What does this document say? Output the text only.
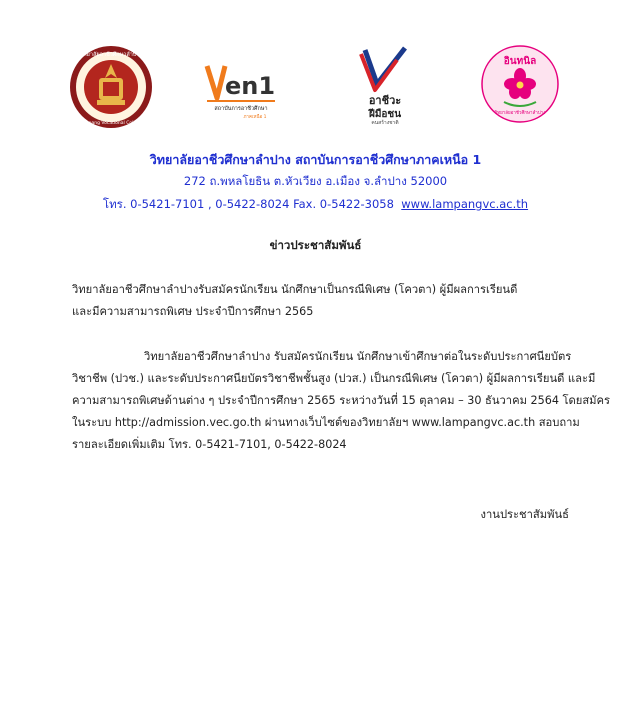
วิทยาลัยอาชีวศึกษาลำปาง
Lampang Vocational College
en1
สถาบันการอาชีวศึกษา
ภาคเหนือ 1
อาชีวะ
ฝีมือชน
คนสร้างชาติ
อินทนิล
วิทยาลัยอาชีวศึกษาลำปาง
วิทยาลัยอาชีวศึกษาลำปาง สถาบันการอาชีวศึกษาภาคเหนือ 1
272 ถ.พหลโยธิน ต.หัวเวียง อ.เมือง จ.ลำปาง 52000
โทร. 0-5421-7101 , 0-5422-8024 Fax. 0-5422-3058 www.lampangvc.ac.th
ข่าวประชาสัมพันธ์
วิทยาลัยอาชีวศึกษาลำปางรับสมัครนักเรียน นักศึกษาเป็นกรณีพิเศษ (โควตา) ผู้มีผลการเรียนดี
และมีความสามารถพิเศษ ประจำปีการศึกษา 2565
วิทยาลัยอาชีวศึกษาลำปาง รับสมัครนักเรียน นักศึกษาเข้าศึกษาต่อในระดับประกาศนียบัตร
วิชาชีพ (ปวช.) และระดับประกาศนียบัตรวิชาชีพชั้นสูง (ปวส.) เป็นกรณีพิเศษ (โควตา) ผู้มีผลการเรียนดี และมี
ความสามารถพิเศษด้านต่าง ๆ ประจำปีการศึกษา 2565 ระหว่างวันที่ 15 ตุลาคม – 30 ธันวาคม 2564 โดยสมัคร
ในระบบ http://admission.vec.go.th ผ่านทางเว็บไซต์ของวิทยาลัยฯ www.lampangvc.ac.th สอบถาม
รายละเอียดเพิ่มเติม โทร. 0-5421-7101, 0-5422-8024
งานประชาสัมพันธ์
